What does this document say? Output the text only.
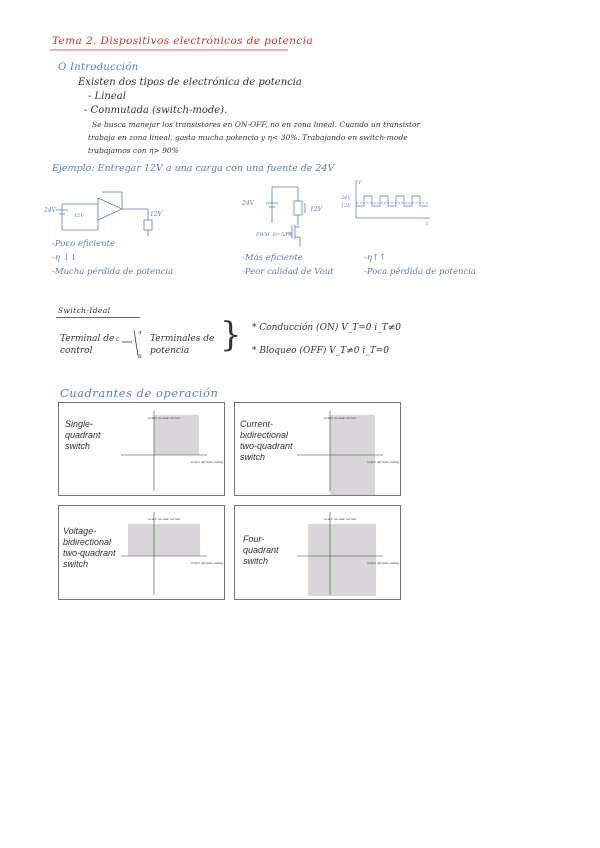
Tema 2. Dispositivos electrónicos de potencia
O Introducción
Existen dos tipos de electrónica de potencia
- Lineal
- Conmutada (switch-mode).
Se busca manejar los transistores en ON-OFF, no en zona lineal. Cuando un transistor
trabaja en zona lineal, gasta mucha potencia y η< 30%. Trabajando en switch-mode
trabajamos con η> 90%
Ejemplo: Entregar 12V a una carga con una fuente de 24V
24V
12V	12V
24V
12V
PWM, D=50%
V
24V
12V
t
-Poco eficiente
-η ↓↓
-Mucha pérdida de potencia
-Más eficiente
-Peor calidad de Vout
-η↑↑
-Poca pérdida de potencia
Switch-Ideal
Terminal de control
c
A
B
Terminales de potencia } * Conducción (ON) V_T=0 i_T≠0
* Bloqueo (OFF) V_T≠0 i_T=0
Cuadrantes de operación
switch on-state current
switch off-state voltage
Single-
quadrant
switch
switch on-state current
switch off-state voltage
Current-
bidirectional
two-quadrant
switch
switch on-state current
switch off-state voltage
Voltage-
bidirectional
two-quadrant
switch
switch on-state current
switch off-state voltage
Four-
quadrant
switch
